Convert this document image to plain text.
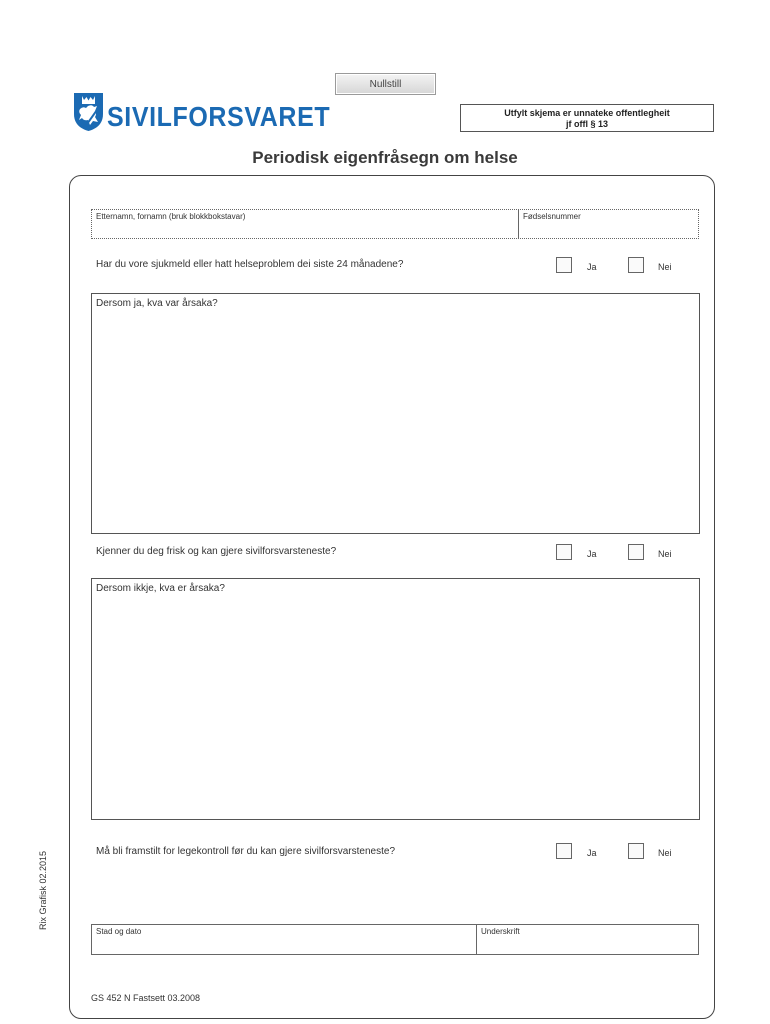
Nullstill
SIVILFORSVARET	Utfylt skjema er unnateke offentlegheit
jf offl § 13
Periodisk eigenfråsegn om helse
Etternamn, fornamn (bruk blokkbokstavar)	Fødselsnummer
Har du vore sjukmeld eller hatt helseproblem dei siste 24 månadene?	Ja	Nei
Dersom ja, kva var årsaka?
Kjenner du deg frisk og kan gjere sivilforsvarsteneste?	Ja	Nei
Dersom ikkje, kva er årsaka?
Må bli framstilt for legekontroll før du kan gjere sivilforsvarsteneste?	Ja	Nei
Stad og dato	Underskrift
Rix Grafisk 02.2015
GS 452 N Fastsett 03.2008
